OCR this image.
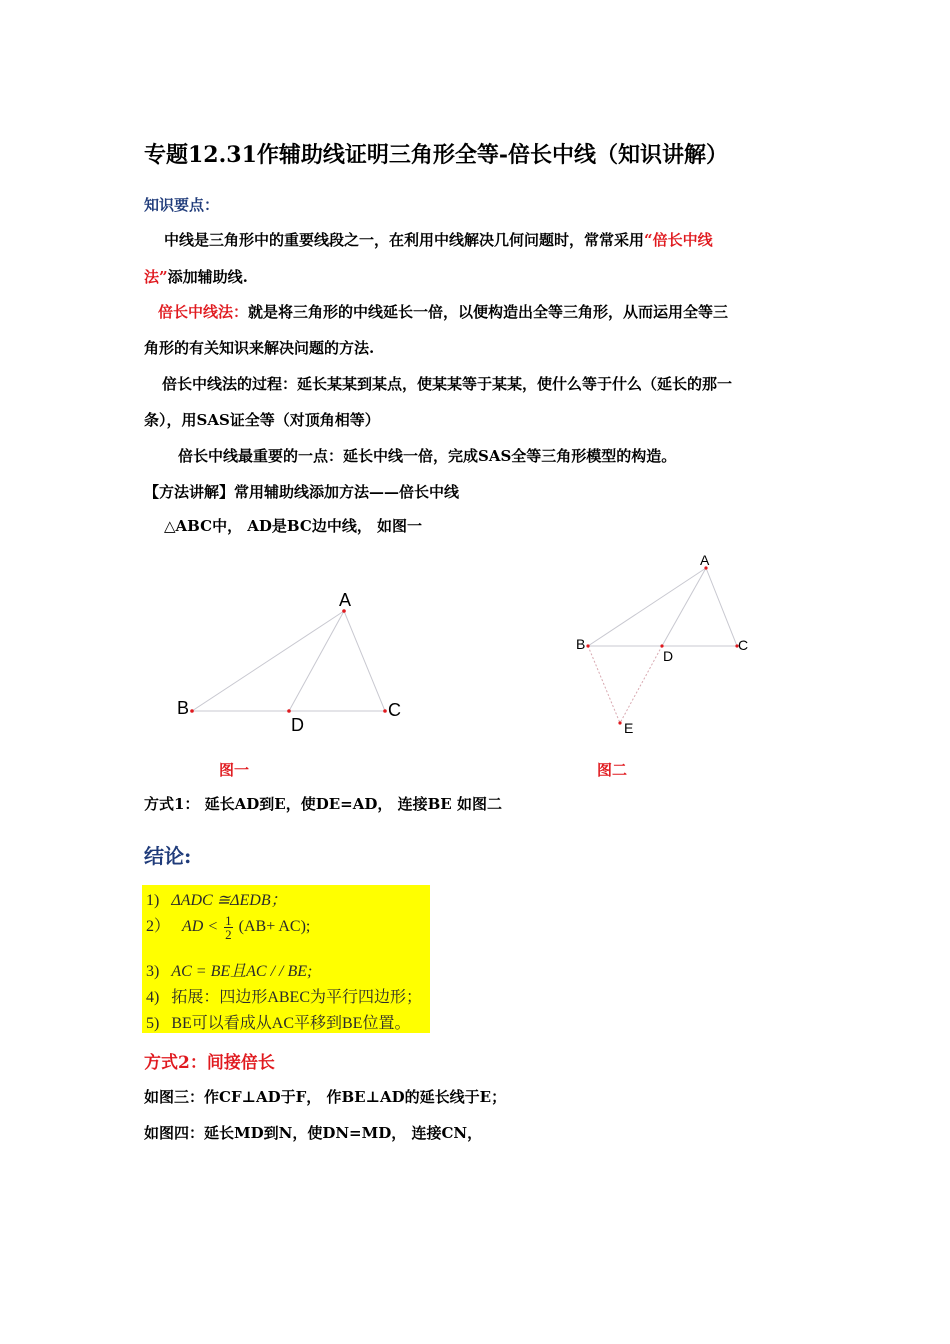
专题12.31作辅助线证明三角形全等-倍长中线（知识讲解）
知识要点：
中线是三角形中的重要线段之一，在利用中线解决几何问题时，常常采用“倍长中线
法”添加辅助线.
倍长中线法：就是将三角形的中线延长一倍，以便构造出全等三角形，从而运用全等三
角形的有关知识来解决问题的方法.
倍长中线法的过程：延长某某到某点，使某某等于某某，使什么等于什么（延长的那一
条），用SAS证全等（对顶角相等）
倍长中线最重要的一点：延长中线一倍，完成SAS全等三角形模型的构造。
【方法讲解】常用辅助线添加方法——倍长中线
△ABC中， AD是BC边中线， 如图一
A
B	C
D
图一
A
B	C
D
E
图二
方式1： 延长AD到E，使DE=AD， 连接BE 如图二
结论:
1) ΔADC ≅ΔEDB；
2） AD < $\frac{1}{2} (AB+ AC)$;
3) AC = BE且AC / / BE;
4) 拓展：四边形ABEC为平行四边形；
5) BE可以看成从AC平移到BE位置。
方式2：间接倍长
如图三：作CF⊥AD于F， 作BE⊥AD的延长线于E；
如图四：延长MD到N，使DN=MD， 连接CN，
